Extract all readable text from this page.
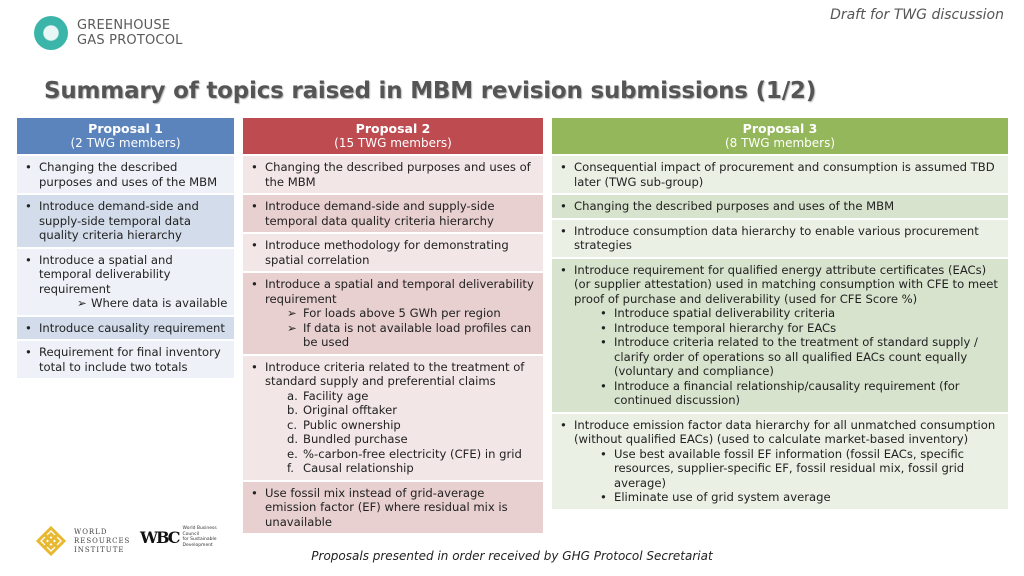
GREENHOUSE
GAS PROTOCOL
Draft for TWG discussion
Summary of topics raised in MBM revision submissions (1/2)
Proposal 1
(2 TWG members)
• Changing the described purposes and uses of the MBM
• Introduce demand-side and supply-side temporal data quality criteria hierarchy
• Introduce a spatial and temporal deliverability requirement
➢ Where data is available
• Introduce causality requirement
• Requirement for final inventory total to include two totals
Proposal 2
(15 TWG members)
• Changing the described purposes and uses of the MBM
• Introduce demand-side and supply-side temporal data quality criteria hierarchy
• Introduce methodology for demonstrating spatial correlation
• Introduce a spatial and temporal deliverability requirement
➢ For loads above 5 GWh per region
➢ If data is not available load profiles can be used
• Introduce criteria related to the treatment of standard supply and preferential claims
a. Facility age
b. Original offtaker
c. Public ownership
d. Bundled purchase
e. %-carbon-free electricity (CFE) in grid
f. Causal relationship
• Use fossil mix instead of grid-average emission factor (EF) where residual mix is unavailable
Proposal 3
(8 TWG members)
• Consequential impact of procurement and consumption is assumed TBD later (TWG sub-group)
• Changing the described purposes and uses of the MBM
• Introduce consumption data hierarchy to enable various procurement strategies
• Introduce requirement for qualified energy attribute certificates (EACs) (or supplier attestation) used in matching consumption with CFE to meet proof of purchase and deliverability (used for CFE Score %)
• Introduce spatial deliverability criteria
• Introduce temporal hierarchy for EACs
• Introduce criteria related to the treatment of standard supply / clarify order of operations so all qualified EACs count equally (voluntary and compliance)
• Introduce a financial relationship/causality requirement (for continued discussion)
• Introduce emission factor data hierarchy for all unmatched consumption (without qualified EACs) (used to calculate market-based inventory)
• Use best available fossil EF information (fossil EACs, specific resources, supplier-specific EF, fossil residual mix, fossil grid average)
• Eliminate use of grid system average
WORLD
RESOURCES
INSTITUTE
WBC World Business
Council
for Sustainable
Development
Proposals presented in order received by GHG Protocol Secretariat
